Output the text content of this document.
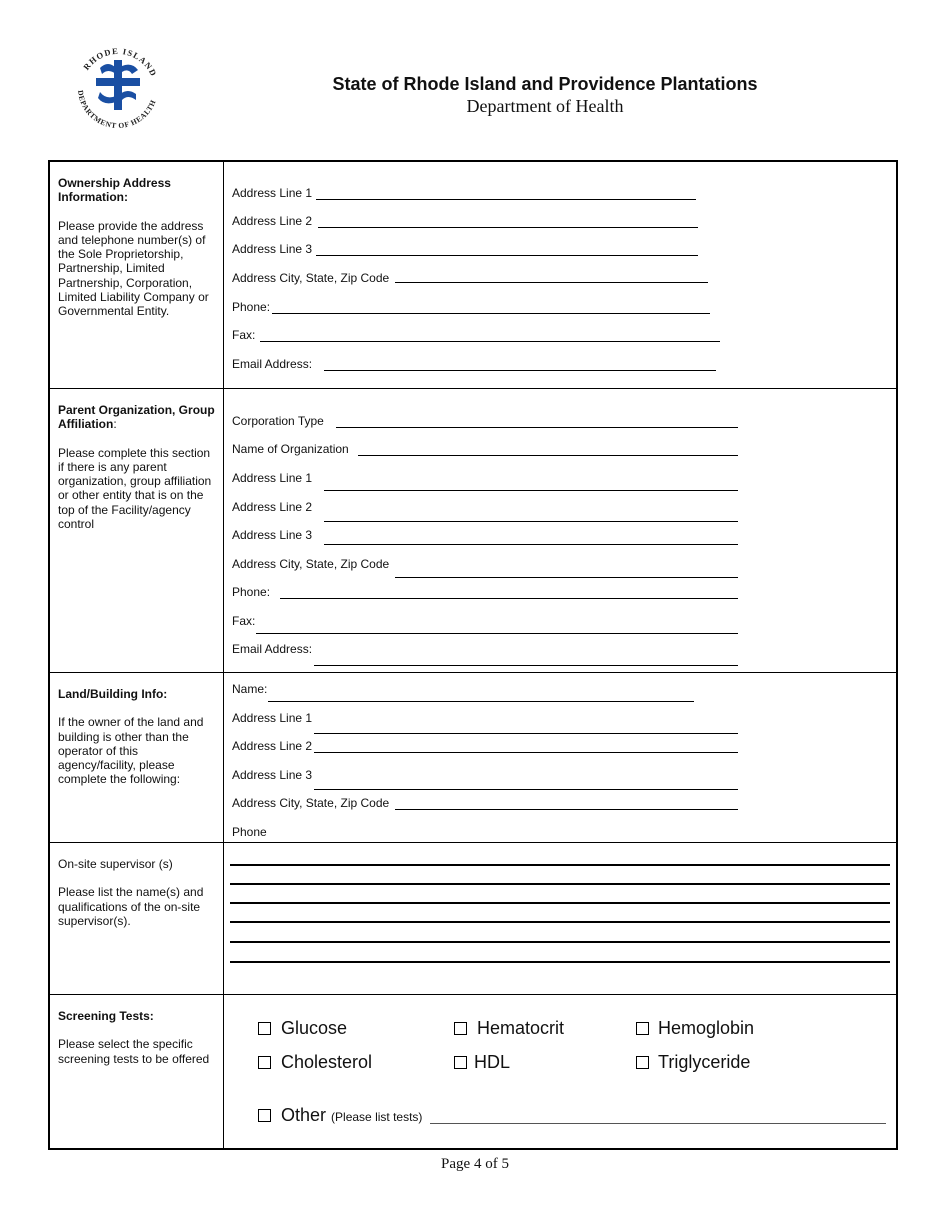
RHODE ISLAND
DEPARTMENT OF HEALTH
State of Rhode Island and Providence Plantations
Department of Health
Ownership Address Information:
Please provide the address and telephone number(s) of the Sole Proprietorship, Partnership, Limited Partnership, Corporation, Limited Liability Company or Governmental Entity.
Address Line 1
Address Line 2
Address Line 3
Address City, State, Zip Code
Phone:
Fax:
Email Address:
Parent Organization, Group Affiliation:
Please complete this section if there is any parent organization, group affiliation or other entity that is on the top of the Facility/agency control
Corporation Type
Name of Organization
Address Line 1
Address Line 2
Address Line 3
Address City, State, Zip Code
Phone:
Fax:
Email Address:
Land/Building Info:
If the owner of the land and building is other than the operator of this agency/facility, please complete the following:
Name:
Address Line 1
Address Line 2
Address Line 3
Address City, State, Zip Code
Phone
On-site supervisor (s)
Please list the name(s) and qualifications of the on-site supervisor(s).
Screening Tests:
Please select the specific screening tests to be offered
Glucose	Hematocrit	Hemoglobin
Cholesterol	HDL	Triglyceride
Other (Please list tests)
Page 4 of 5
